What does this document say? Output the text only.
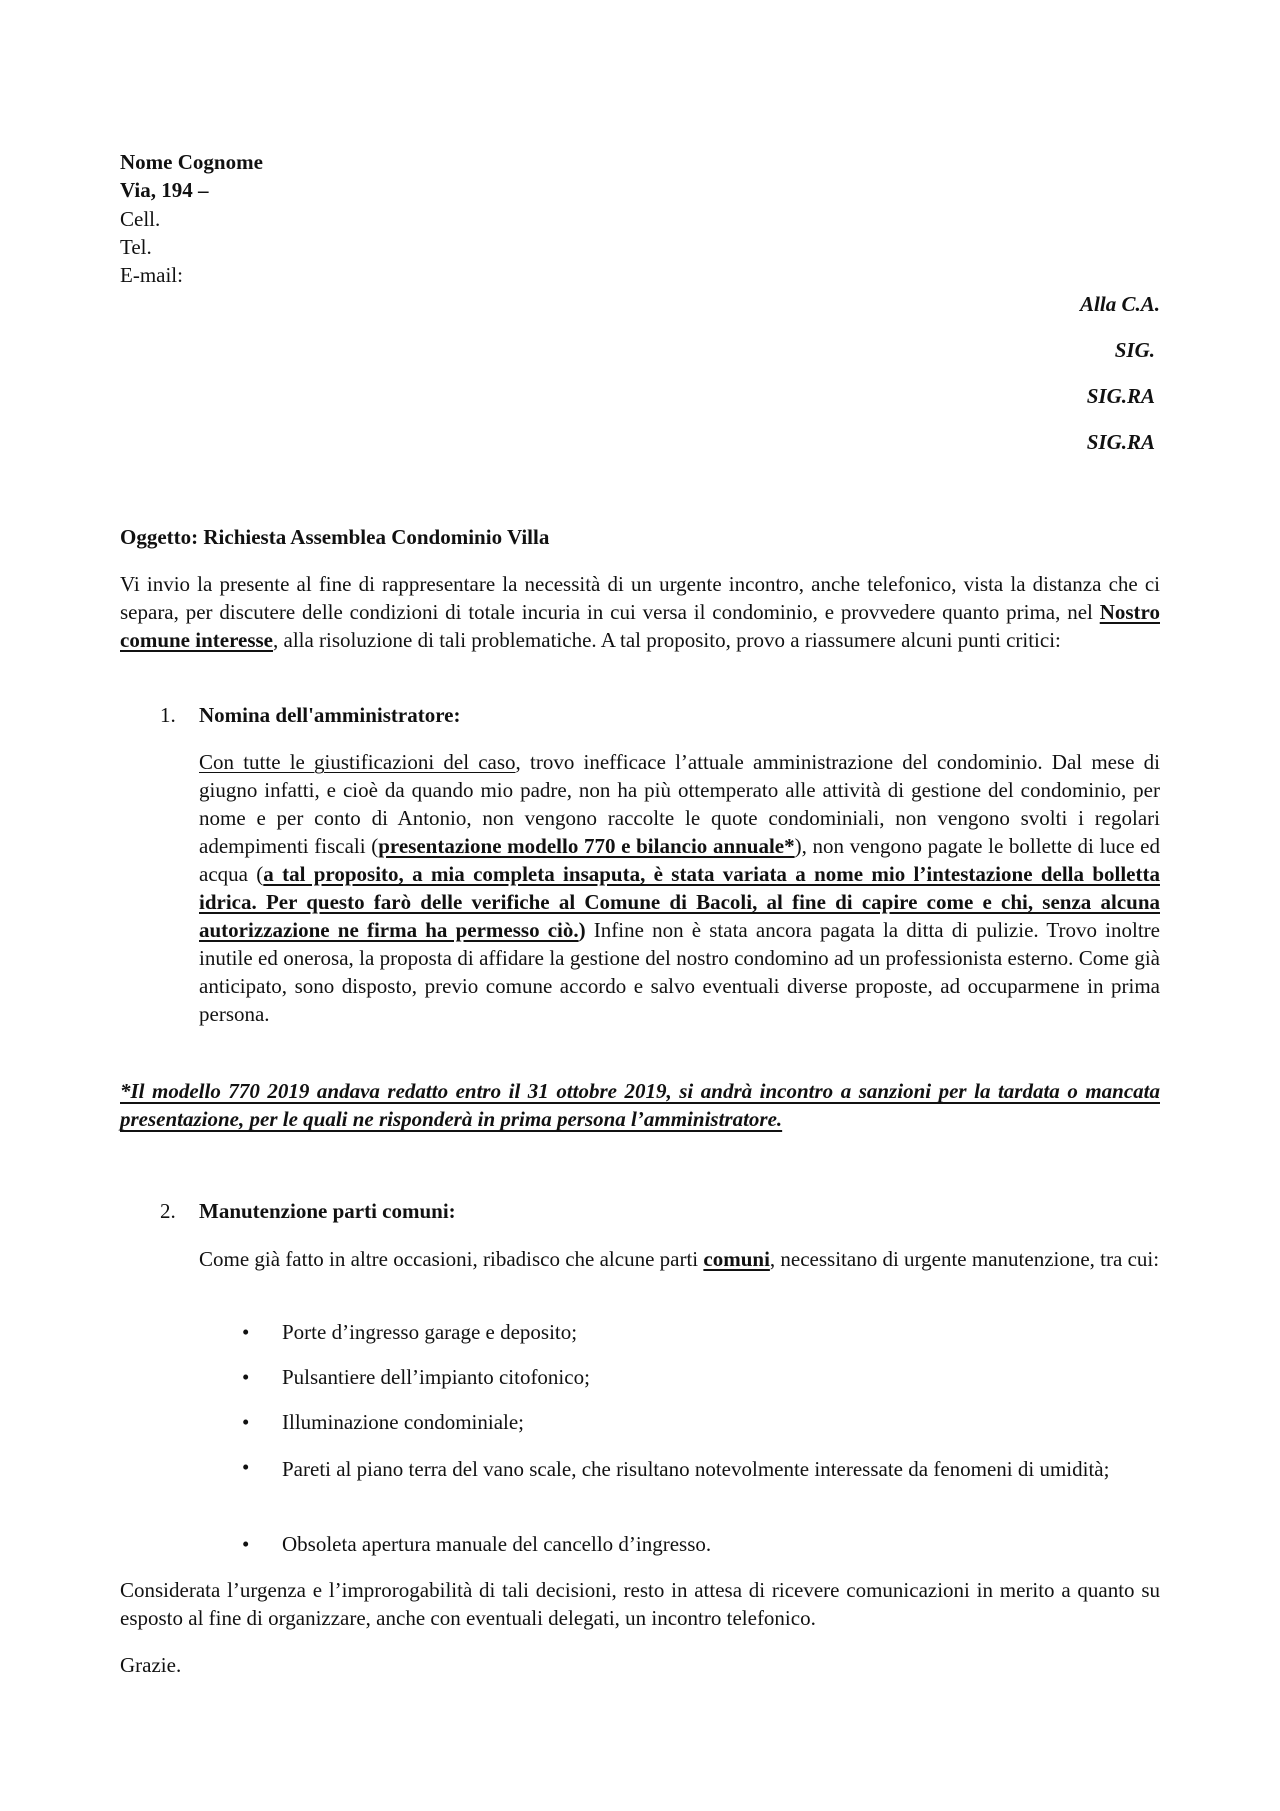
Nome Cognome
Via, 194 –
Cell.
Tel.
E-mail:
Alla C.A.
SIG.
SIG.RA
SIG.RA
Oggetto: Richiesta Assemblea Condominio Villa
Vi invio la presente al fine di rappresentare la necessità di un urgente incontro, anche telefonico, vista la distanza che ci separa, per discutere delle condizioni di totale incuria in cui versa il condominio, e provvedere quanto prima, nel Nostro comune interesse, alla risoluzione di tali problematiche. A tal proposito, provo a riassumere alcuni punti critici:
1. Nomina dell'amministratore:
Con tutte le giustificazioni del caso, trovo inefficace l’attuale amministrazione del condominio. Dal mese di giugno infatti, e cioè da quando mio padre, non ha più ottemperato alle attività di gestione del condominio, per nome e per conto di Antonio, non vengono raccolte le quote condominiali, non vengono svolti i regolari adempimenti fiscali (presentazione modello 770 e bilancio annuale*), non vengono pagate le bollette di luce ed acqua (a tal proposito, a mia completa insaputa, è stata variata a nome mio l’intestazione della bolletta idrica. Per questo farò delle verifiche al Comune di Bacoli, al fine di capire come e chi, senza alcuna autorizzazione ne firma ha permesso ciò.) Infine non è stata ancora pagata la ditta di pulizie. Trovo inoltre inutile ed onerosa, la proposta di affidare la gestione del nostro condomino ad un professionista esterno. Come già anticipato, sono disposto, previo comune accordo e salvo eventuali diverse proposte, ad occuparmene in prima persona.
*Il modello 770 2019 andava redatto entro il 31 ottobre 2019, si andrà incontro a sanzioni per la tardata o mancata presentazione, per le quali ne risponderà in prima persona l’amministratore.
2. Manutenzione parti comuni:
Come già fatto in altre occasioni, ribadisco che alcune parti comuni, necessitano di urgente manutenzione, tra cui:
• Porte d’ingresso garage e deposito;
• Pulsantiere dell’impianto citofonico;
• Illuminazione condominiale;
• Pareti al piano terra del vano scale, che risultano notevolmente interessate da fenomeni di umidità;
• Obsoleta apertura manuale del cancello d’ingresso.
Considerata l’urgenza e l’improrogabilità di tali decisioni, resto in attesa di ricevere comunicazioni in merito a quanto su esposto al fine di organizzare, anche con eventuali delegati, un incontro telefonico.
Grazie.
